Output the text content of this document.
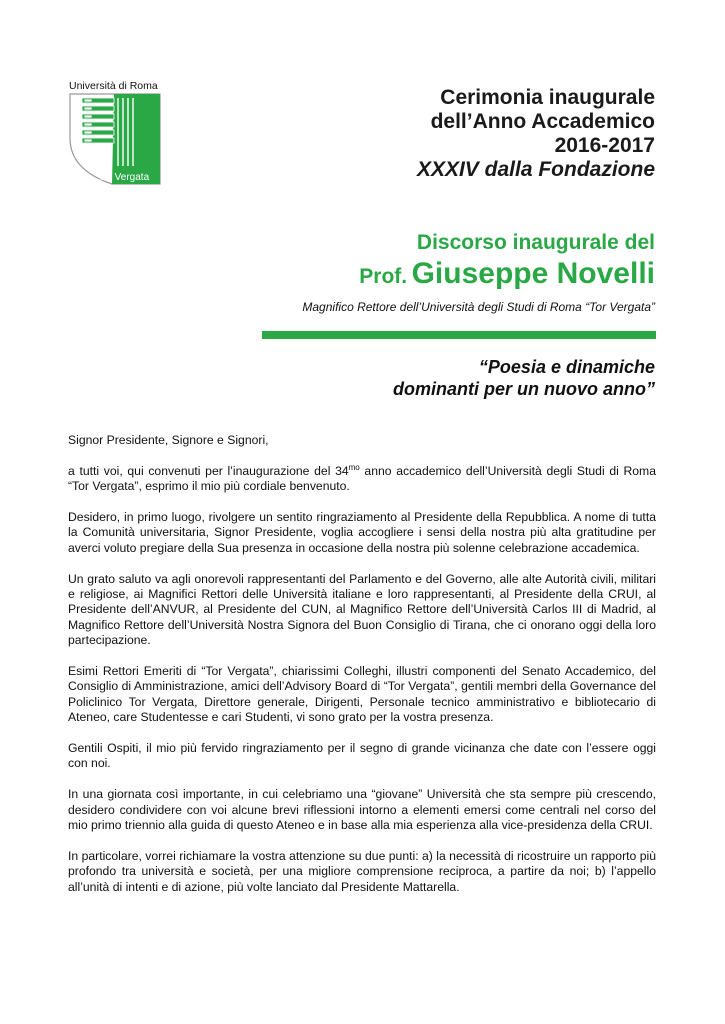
Università di Roma
Tor Vergata
Cerimonia inaugurale
dell’Anno Accademico
2016-2017
XXXIV dalla Fondazione
Discorso inaugurale del
Prof. Giuseppe Novelli
Magnifico Rettore dell’Università degli Studi di Roma “Tor Vergata”
“Poesia e dinamiche
dominanti per un nuovo anno”

Signor Presidente, Signore e Signori,

a tutti voi, qui convenuti per l’inaugurazione del $34^{mo}$ anno accademico dell’Università degli Studi di Roma “Tor Vergata”, esprimo il mio più cordiale benvenuto.

Desidero, in primo luogo, rivolgere un sentito ringraziamento al Presidente della Repubblica. A nome di tutta la Comunità universitaria, Signor Presidente, voglia accogliere i sensi della nostra più alta gratitudine per averci voluto pregiare della Sua presenza in occasione della nostra più solenne celebrazione accademica.

Un grato saluto va agli onorevoli rappresentanti del Parlamento e del Governo, alle alte Autorità civili, militari e religiose, ai Magnifici Rettori delle Università italiane e loro rappresentanti, al Presidente della CRUI, al Presidente dell’ANVUR, al Presidente del CUN, al Magnifico Rettore dell’Università Carlos III di Madrid, al Magnifico Rettore dell’Università Nostra Signora del Buon Consiglio di Tirana, che ci onorano oggi della loro partecipazione.

Esimi Rettori Emeriti di “Tor Vergata”, chiarissimi Colleghi, illustri componenti del Senato Accademico, del Consiglio di Amministrazione, amici dell’Advisory Board di “Tor Vergata”, gentili membri della Governance del Policlinico Tor Vergata, Direttore generale, Dirigenti, Personale tecnico amministrativo e bibliotecario di Ateneo, care Studentesse e cari Studenti, vi sono grato per la vostra presenza.

Gentili Ospiti, il mio più fervido ringraziamento per il segno di grande vicinanza che date con l’essere oggi con noi.

In una giornata così importante, in cui celebriamo una “giovane” Università che sta sempre più crescendo, desidero condividere con voi alcune brevi riflessioni intorno a elementi emersi come centrali nel corso del mio primo triennio alla guida di questo Ateneo e in base alla mia esperienza alla vice-presidenza della CRUI.

In particolare, vorrei richiamare la vostra attenzione su due punti: a) la necessità di ricostruire un rapporto più profondo tra università e società, per una migliore comprensione reciproca, a partire da noi; b) l’appello all’unità di intenti e di azione, più volte lanciato dal Presidente Mattarella.
